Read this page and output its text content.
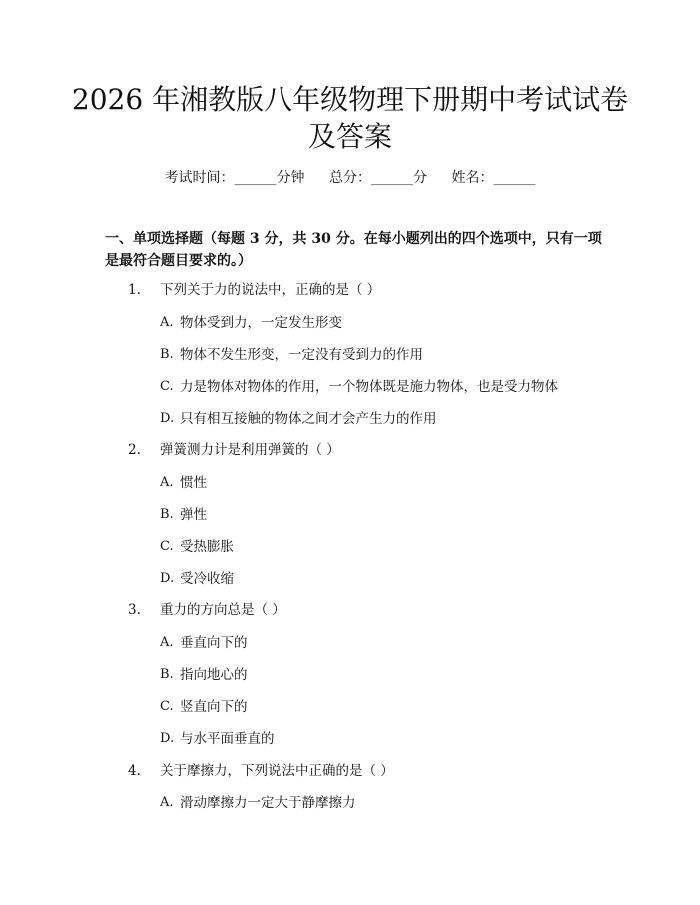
2026 年湘教版八年级物理下册期中考试试卷
及答案
考试时间：______分钟 总分：______分 姓名：______

一、单项选择题（每题 3 分，共 30 分。在每小题列出的四个选项中，只有一项是最符合题目要求的。）

1. 下列关于力的说法中，正确的是（ ）
A. 物体受到力，一定发生形变
B. 物体不发生形变，一定没有受到力的作用
C. 力是物体对物体的作用，一个物体既是施力物体，也是受力物体
D. 只有相互接触的物体之间才会产生力的作用
2. 弹簧测力计是利用弹簧的（ ）
A. 惯性
B. 弹性
C. 受热膨胀
D. 受冷收缩
3. 重力的方向总是（ ）
A. 垂直向下的
B. 指向地心的
C. 竖直向下的
D. 与水平面垂直的
4. 关于摩擦力，下列说法中正确的是（ ）
A. 滑动摩擦力一定大于静摩擦力
